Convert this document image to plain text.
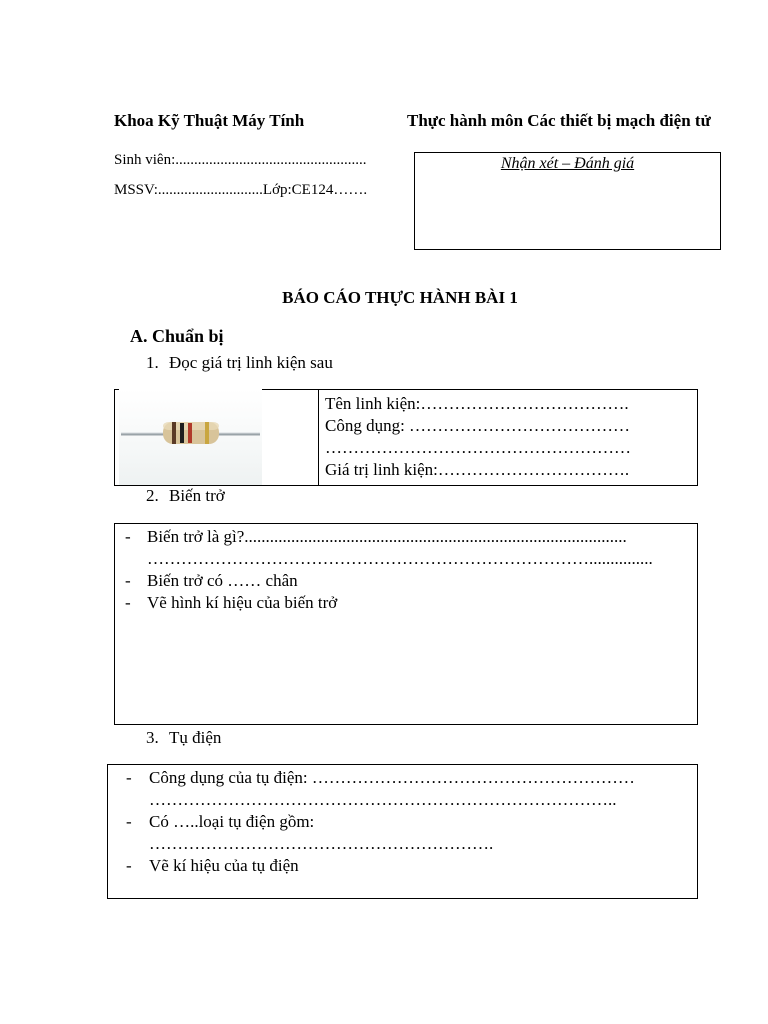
Khoa Kỹ Thuật Máy Tính	Thực hành môn Các thiết bị mạch điện tử
Sinh viên:...................................................
MSSV:............................Lớp:CE124…….
Nhận xét – Đánh giá
BÁO CÁO THỰC HÀNH BÀI 1
A. Chuẩn bị
1. Đọc giá trị linh kiện sau
Tên linh kiện:……………………………….
Công dụng: …………………………………
………………………………………………
Giá trị linh kiện:…………………………….
2. Biến trở
- Biến trở là gì?..........................................................................................
……………………………………………………………………...............
- Biến trở có …… chân
- Vẽ hình kí hiệu của biến trở
3. Tụ điện
- Công dụng của tụ điện: …………………………………………………
………………………………………………………………………..
- Có …..loại tụ điện gồm:
…………………………………………………….
- Vẽ kí hiệu của tụ điện
